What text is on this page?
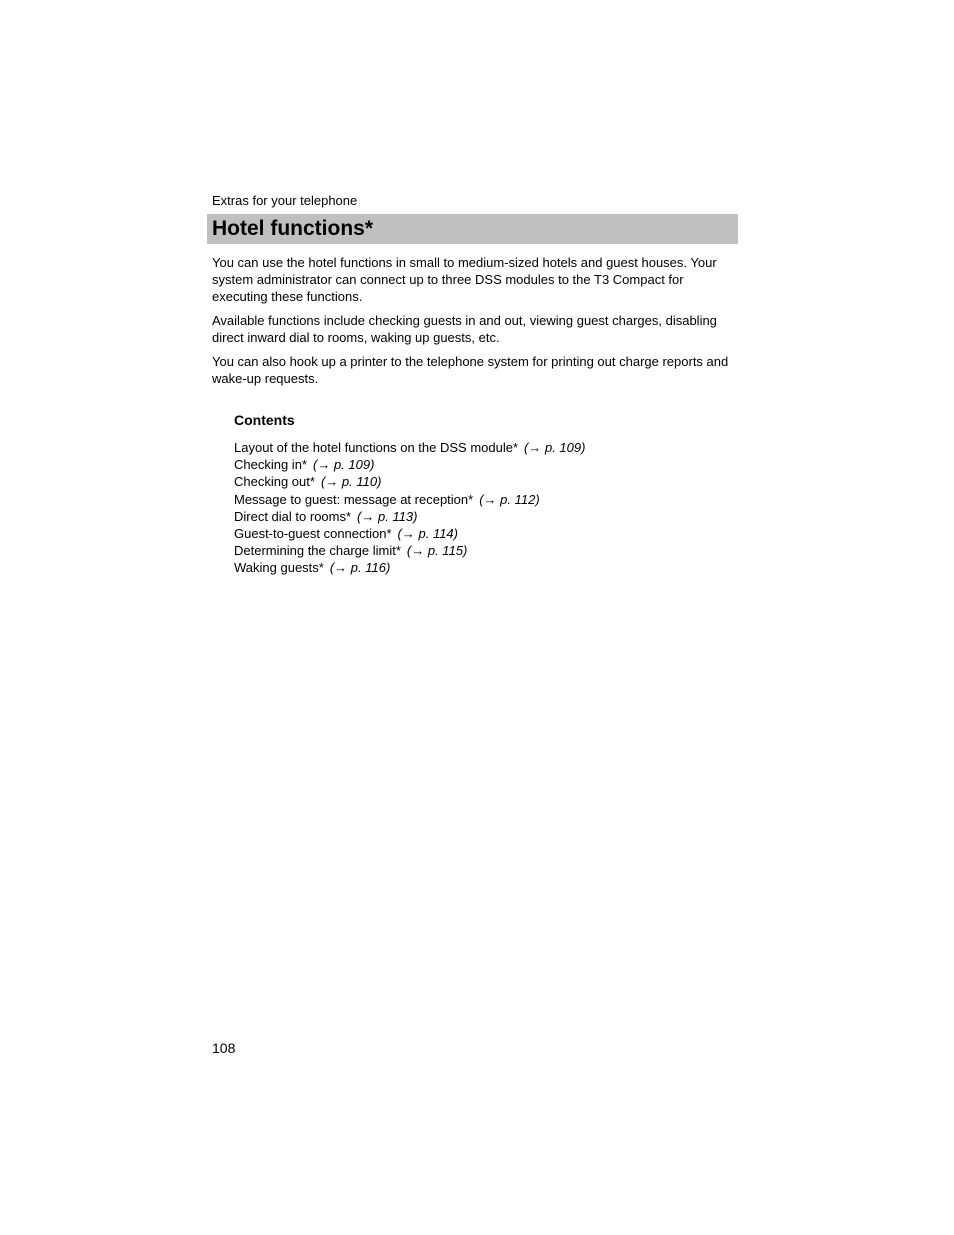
Extras for your telephone
Hotel functions*

You can use the hotel functions in small to medium-sized hotels and guest houses. Your system administrator can connect up to three DSS modules to the T3 Compact for executing these functions.

Available functions include checking guests in and out, viewing guest charges, disabling direct inward dial to rooms, waking up guests, etc.

You can also hook up a printer to the telephone system for printing out charge reports and wake-up requests.

Contents
Layout of the hotel functions on the DSS module* (→ p. 109)
Checking in* (→ p. 109)
Checking out* (→ p. 110)
Message to guest: message at reception* (→ p. 112)
Direct dial to rooms* (→ p. 113)
Guest-to-guest connection* (→ p. 114)
Determining the charge limit* (→ p. 115)
Waking guests* (→ p. 116)
108
